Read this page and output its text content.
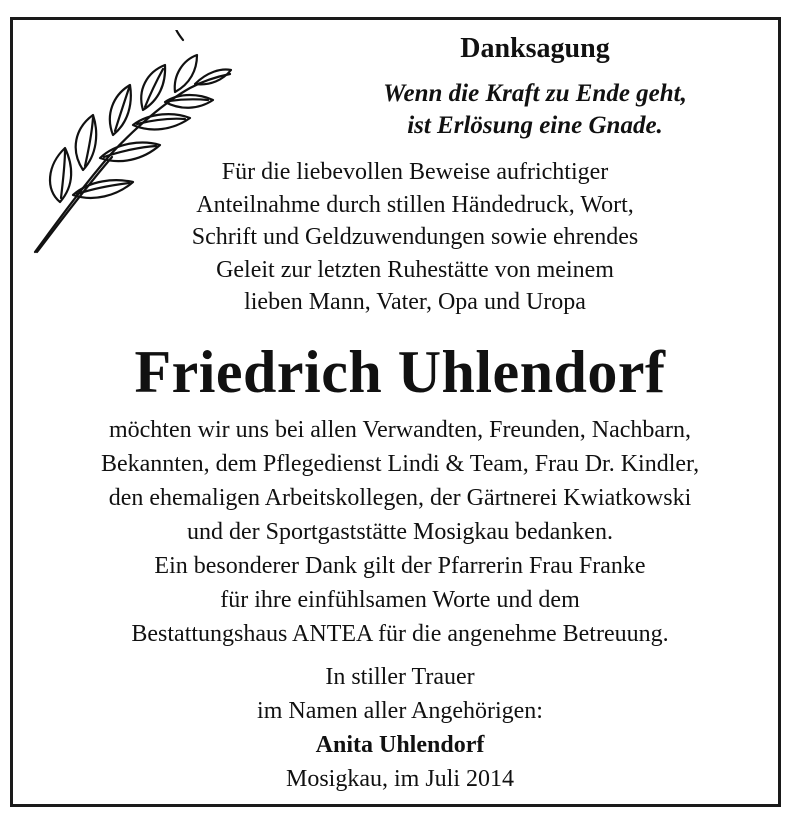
Danksagung

Wenn die Kraft zu Ende geht,
ist Erlösung eine Gnade.

Für die liebevollen Beweise aufrichtiger
Anteilnahme durch stillen Händedruck, Wort,
Schrift und Geldzuwendungen sowie ehrendes
Geleit zur letzten Ruhestätte von meinem
lieben Mann, Vater, Opa und Uropa
Friedrich Uhlendorf
möchten wir uns bei allen Verwandten, Freunden, Nachbarn,
Bekannten, dem Pflegedienst Lindi & Team, Frau Dr. Kindler,
den ehemaligen Arbeitskollegen, der Gärtnerei Kwiatkowski
und der Sportgaststätte Mosigkau bedanken.
Ein besonderer Dank gilt der Pfarrerin Frau Franke
für ihre einfühlsamen Worte und dem
Bestattungshaus ANTEA für die angenehme Betreuung.
In stiller Trauer
im Namen aller Angehörigen:
Anita Uhlendorf
Mosigkau, im Juli 2014
